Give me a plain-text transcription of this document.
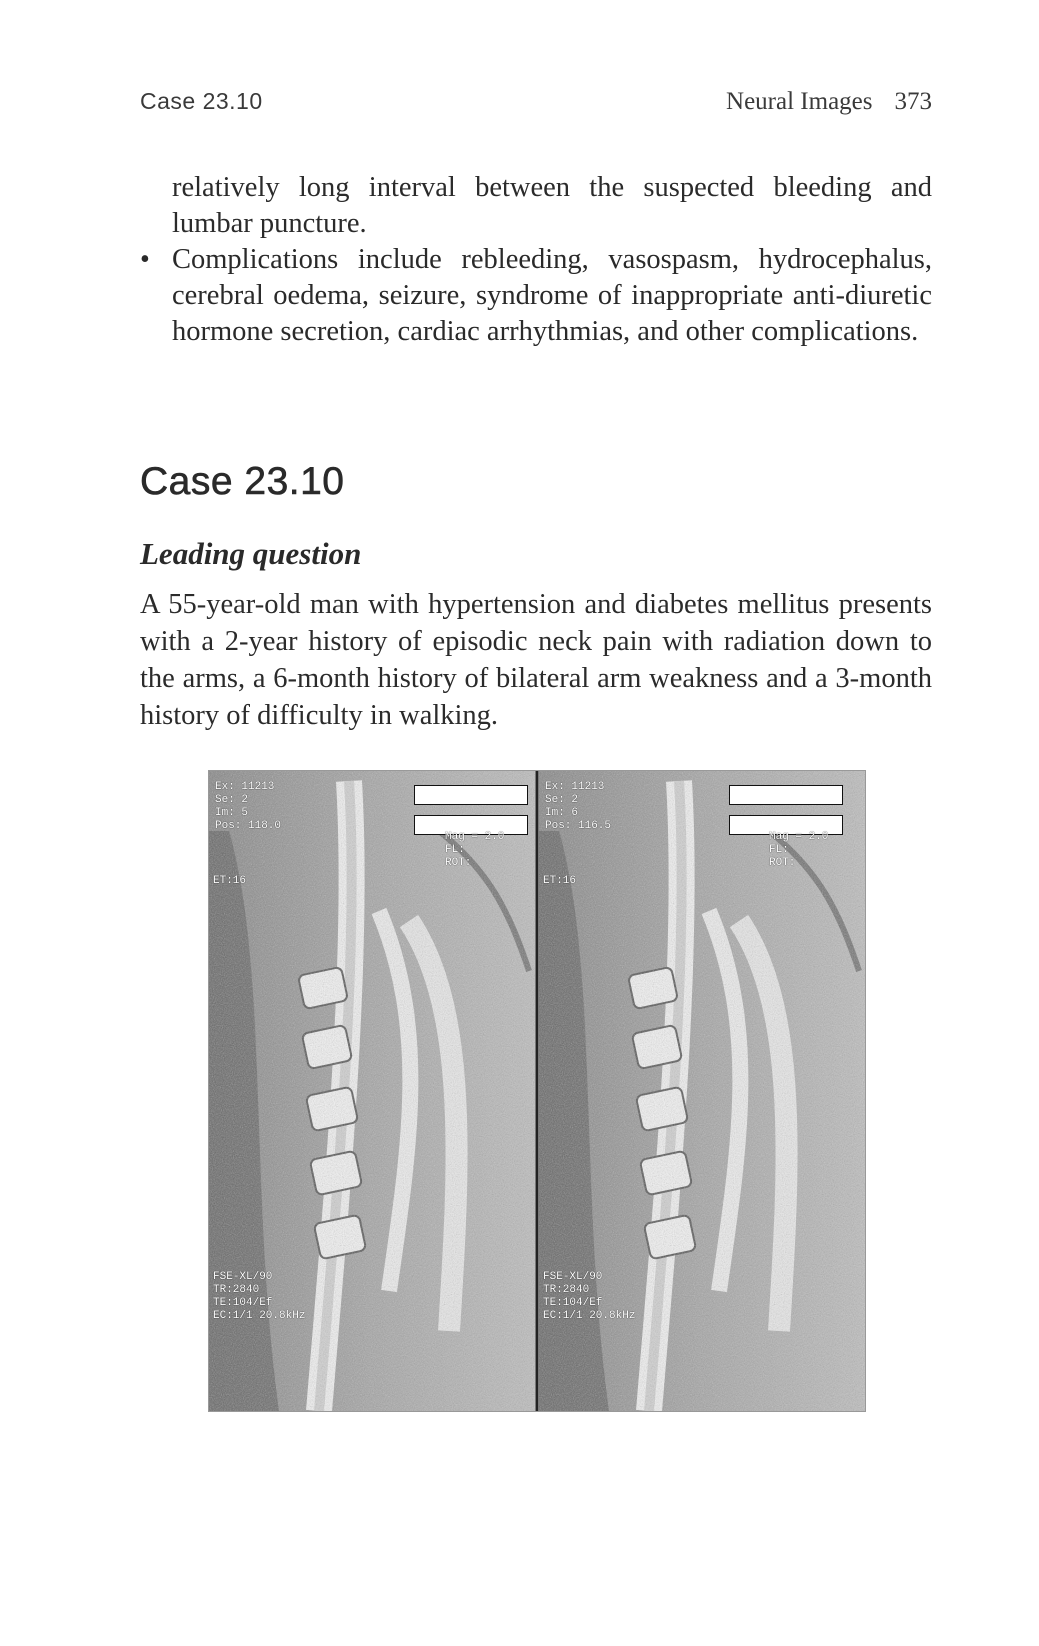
Case 23.10	Neural Images 373
relatively long interval between the suspected bleeding and lumbar puncture.
• Complications include rebleeding, vasospasm, hydrocephalus, cerebral oedema, seizure, syndrome of inappropriate anti-diuretic hormone secretion, cardiac arrhythmias, and other complications.
Case 23.10
Leading question
A 55-year-old man with hypertension and diabetes mellitus presents with a 2-year history of episodic neck pain with radiation down to the arms, a 6-month history of bilateral arm weakness and a 3-month history of difficulty in walking.
Ex: 11213
Se: 2
Im: 5
Pos: 118.0
Mag = 2.0
FL:
ROT:
ET:16
FSE-XL/90
TR:2840
TE:104/Ef
EC:1/1 20.8kHz
Ex: 11213
Se: 2
Im: 6
Pos: 116.5
Mag = 2.0
FL:
ROT:
ET:16
FSE-XL/90
TR:2840
TE:104/Ef
EC:1/1 20.8kHz
